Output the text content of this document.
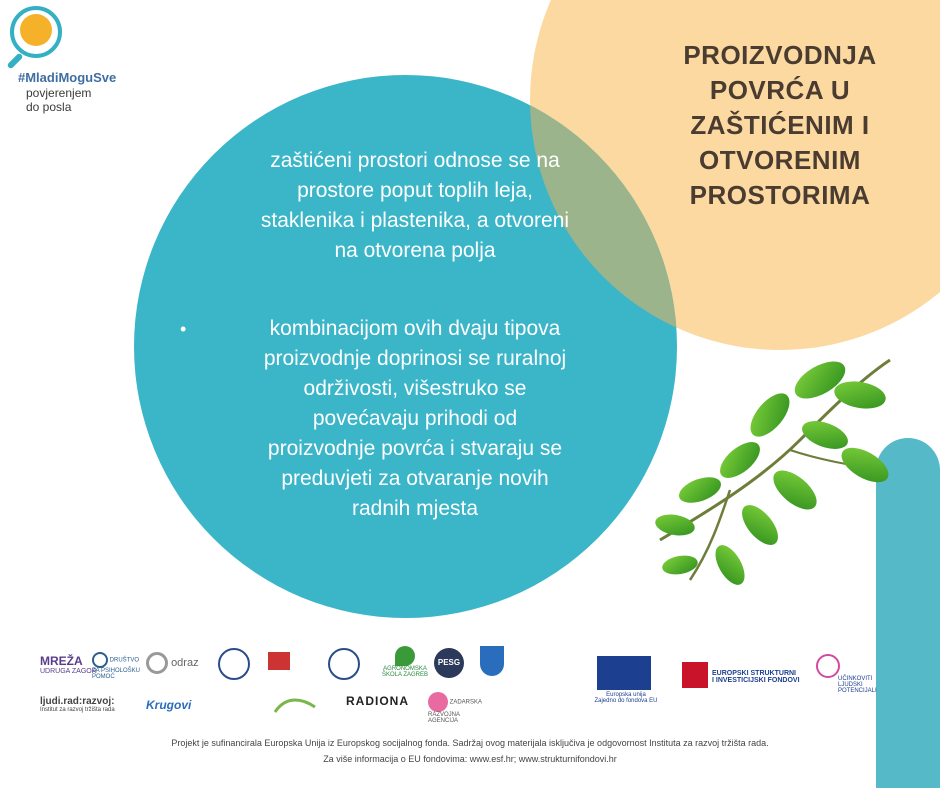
#MladiMoguSve
povjerenjem
do posla
PROIZVODNJA
POVRĆA U
ZAŠTIĆENIM I
OTVORENIM
PROSTORIMA
•	zaštićeni prostori odnose se na
prostore poput toplih leja,
staklenika i plastenika, a otvoreni
na otvorena polja
•	kombinacijom ovih dvaju tipova
proizvodnje doprinosi se ruralnoj
održivosti, višestruko se
povećavaju prihodi od
proizvodnje povrća i stvaraju se
preduvjeti za otvaranje novih
radnih mjesta
MREŽA
UDRUGA ZAGOR
DRUŠTVO ZA PSIHOLOŠKU POMOĆ
odraz
AGRONOMSKA ŠKOLA ZAGREB
PESG
ljudi.rad:razvoj:
Institut za razvoj tržišta rada	Krugovi	RADIONA	ZADARSKA RAZVOJNA AGENCIJA
Europska unija
Zajedno do fondova EU
EUROPSKI STRUKTURNI
I INVESTICIJSKI FONDOVI	UČINKOVITI
LJUDSKI
POTENCIJALI
Projekt je sufinancirala Europska Unija iz Europskog socijalnog fonda. Sadržaj ovog materijala isključiva je odgovornost Instituta za razvoj tržišta rada.
Za više informacija o EU fondovima: www.esf.hr; www.strukturnifondovi.hr
